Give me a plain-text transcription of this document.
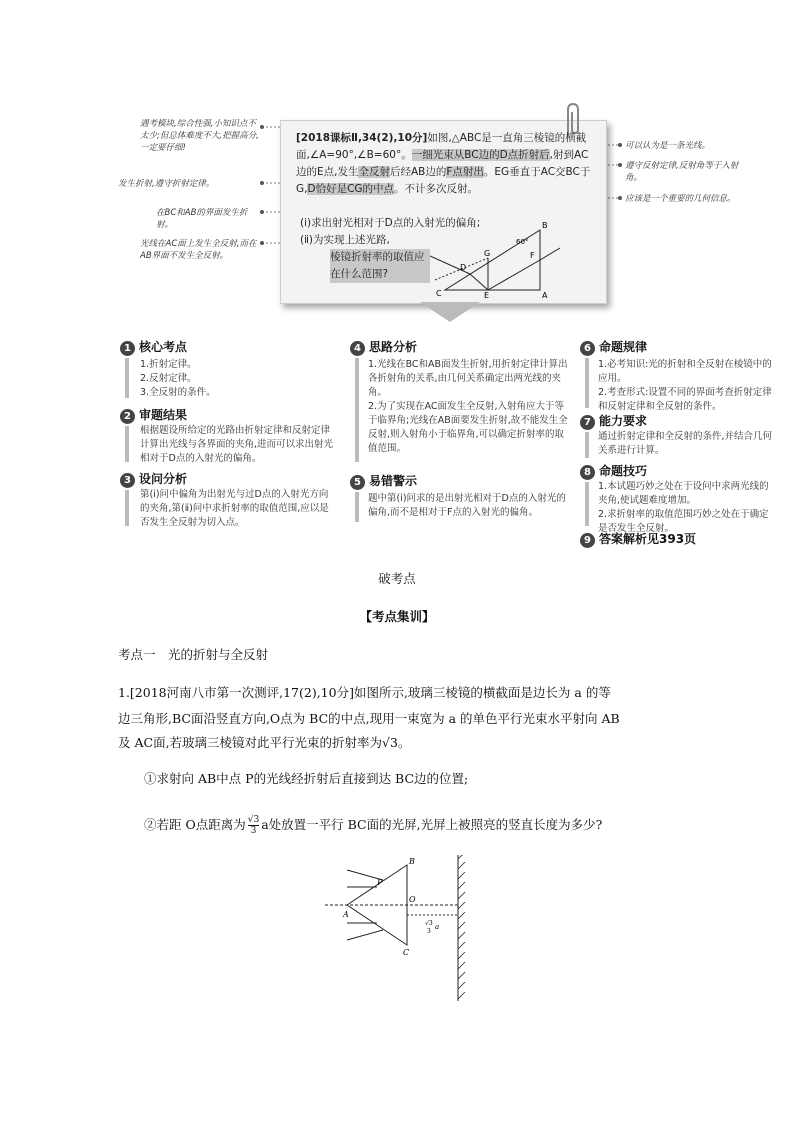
遇考模块,综合性强,小知识点不太少;但总体难度不大,把握高分,一定要仔细!
发生折射,遵守折射定律。
在BC和AB的界面发生折射。
光线在AC面上发生全反射,而在AB界面不发生全反射。
可以认为是一条光线。
遵守反射定律,反射角等于入射角。
应该是一个重要的几何信息。
[2018课标Ⅱ,34(2),10分]如图,△ABC是一直角三棱镜的横截面,∠A=90°,∠B=60°。一细光束从BC边的D点折射后,射到AC边的E点,发生全反射后经AB边的F点射出。EG垂直于AC交BC于G,D恰好是CG的中点。不计多次反射。
(ⅰ)求出射光相对于D点的入射光的偏角;
(ⅱ)为实现上述光路,
棱镜折射率的取值应在什么范围?
B
A
C
G	F
E
D
60°
1 核心考点
1.折射定律。
2.反射定律。
3.全反射的条件。
2 审题结果
根据题设所给定的光路由折射定律和反射定律计算出光线与各界面的夹角,进而可以求出射光相对于D点的入射光的偏角。
3 设问分析
第(ⅰ)问中偏角为出射光与过D点的入射光方向的夹角,第(ⅱ)问中求折射率的取值范围,应以是否发生全反射为切入点。
4 思路分析
1.光线在BC和AB面发生折射,用折射定律计算出各折射角的关系,由几何关系确定出两光线的夹角。
2.为了实现在AC面发生全反射,入射角应大于等于临界角;光线在AB面要发生折射,故不能发生全反射,则入射角小于临界角,可以确定折射率的取值范围。
5 易错警示
题中第(ⅰ)问求的是出射光相对于D点的入射光的偏角,而不是相对于F点的入射光的偏角。
6 命题规律
1.必考知识:光的折射和全反射在棱镜中的应用。
2.考查形式:设置不同的界面考查折射定律和反射定律和全反射的条件。
7 能力要求
通过折射定律和全反射的条件,并结合几何关系进行计算。
8 命题技巧
1.本试题巧妙之处在于设问中求两光线的夹角,使试题难度增加。
2.求折射率的取值范围巧妙之处在于确定是否发生全反射。
9 答案解析见393页
破考点
【考点集训】
考点一　光的折射与全反射
1.[2018河南八市第一次测评,17(2),10分]如图所示,玻璃三棱镜的横截面是边长为 a 的等
边三角形,BC面沿竖直方向,O点为 BC的中点,现用一束宽为 a 的单色平行光束水平射向 AB
及 AC面,若玻璃三棱镜对此平行光束的折射率为√3。
①求射向 AB中点 P的光线经折射后直接到达 BC边的位置;
②若距 O点距离为 $\frac{√3}{3}$ a处放置一平行 BC面的光屏,光屏上被照亮的竖直长度为多少?
B
P
O
A
C
√3
3
a
